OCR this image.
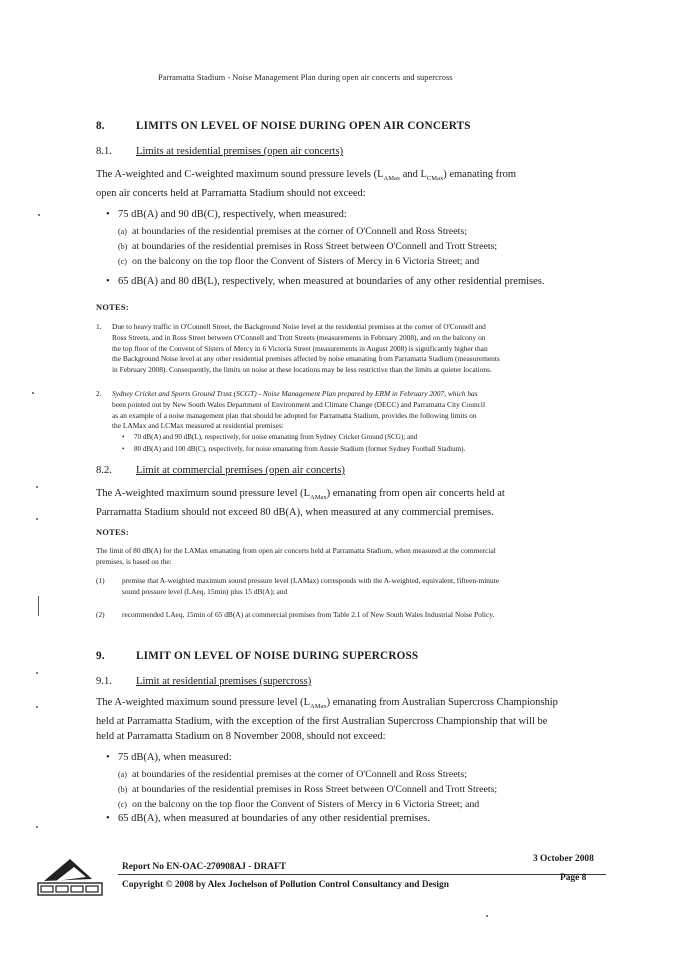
Parramatta Stadium - Noise Management Plan during open air concerts and supercross
8.	LIMITS ON LEVEL OF NOISE DURING OPEN AIR CONCERTS
8.1. Limits at residential premises (open air concerts)
The A-weighted and C-weighted maximum sound pressure levels ($L_{AMax}$ and $L_{CMax}$) emanating from
open air concerts held at Parramatta Stadium should not exceed:
• 75 dB(A) and 90 dB(C), respectively, when measured:
(a) at boundaries of the residential premises at the corner of O'Connell and Ross Streets;
(b) at boundaries of the residential premises in Ross Street between O'Connell and Trott Streets;
(c) on the balcony on the top floor the Convent of Sisters of Mercy in 6 Victoria Street; and
• 65 dB(A) and 80 dB(L), respectively, when measured at boundaries of any other residential premises.
NOTES:
1. Due to heavy traffic in O'Connell Street, the Background Noise level at the residential premises at the corner of O'Connell and
Ross Streets, and in Ross Street between O'Connell and Trott Streets (measurements in February 2008), and on the balcony on
the top floor of the Convent of Sisters of Mercy in 6 Victoria Street (measurements in August 2008) is significantly higher than
the Background Noise level at any other residential premises affected by noise emanating from Parramatta Stadium (measurements
in February 2008). Consequently, the limits on noise at these locations may be less restrictive than the limits at quieter locations.
2. Sydney Cricket and Sports Ground Trust (SCGT) - Noise Management Plan prepared by ERM in February 2007, which has
been pointed out by New South Wales Department of Environment and Climate Change (DECC) and Parramatta City Council
as an example of a noise management plan that should be adopted for Parramatta Stadium, provides the following limits on
the LAMax and LCMax measured at residential premises:
• 70 dB(A) and 90 dB(L), respectively, for noise emanating from Sydney Cricket Ground (SCG); and
• 80 dB(A) and 100 dB(C), respectively, for noise emanating from Aussie Stadium (former Sydney Football Stadium).
8.2. Limit at commercial premises (open air concerts)
The A-weighted maximum sound pressure level $(L_{AMax})$ emanating from open air concerts held at
Parramatta Stadium should not exceed 80 dB(A), when measured at any commercial premises.
NOTES:
The limit of 80 dB(A) for the LAMax emanating from open air concerts held at Parramatta Stadium, when measured at the commercial
premises, is based on the:
(1) premise that A-weighted maximum sound pressure level (LAMax) corresponds with the A-weighted, equivalent, fifteen-minute
sound pressure level (LAeq, 15min) plus 15 dB(A); and
(2) recommended LAeq, 15min of 65 dB(A) at commercial premises from Table 2.1 of New South Wales Industrial Noise Policy.
9.	LIMIT ON LEVEL OF NOISE DURING SUPERCROSS
9.1. Limit at residential premises (supercross)
The A-weighted maximum sound pressure level $(L_{AMax})$ emanating from Australian Supercross Championship
held at Parramatta Stadium, with the exception of the first Australian Supercross Championship that will be
held at Parramatta Stadium on 8 November 2008, should not exceed:
• 75 dB(A), when measured:
(a) at boundaries of the residential premises at the corner of O'Connell and Ross Streets;
(b) at boundaries of the residential premises in Ross Street between O'Connell and Trott Streets;
(c) on the balcony on the top floor the Convent of Sisters of Mercy in 6 Victoria Street; and
• 65 dB(A), when measured at boundaries of any other residential premises.
Report No EN-OAC-270908AJ - DRAFT
3 October 2008
Copyright © 2008 by Alex Jochelson of Pollution Control Consultancy and Design
Page 8
